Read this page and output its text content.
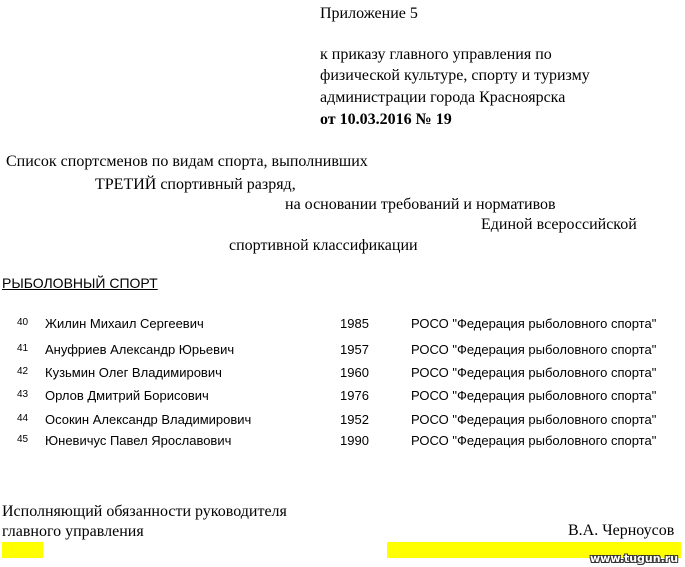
Приложение 5
к приказу главного управления по
физической культуре, спорту и туризму
администрации города Красноярска
от 10.03.2016 № 19
Список спортсменов по видам спорта, выполнивших
ТРЕТИЙ спортивный разряд,
на основании требований и нормативов
Единой всероссийской
спортивной классификации
РЫБОЛОВНЫЙ СПОРТ
40 Жилин Михаил Сергеевич	1985	РОСО "Федерация рыболовного спорта"
41 Ануфриев Александр Юрьевич	1957	РОСО "Федерация рыболовного спорта"
42 Кузьмин Олег Владимирович	1960	РОСО "Федерация рыболовного спорта"
43 Орлов Дмитрий Борисович	1976	РОСО "Федерация рыболовного спорта"
44 Осокин Александр Владимирович	1952	РОСО "Федерация рыболовного спорта"
45 Юневичус Павел Ярославович	1990	РОСО "Федерация рыболовного спорта"
Исполняющий обязанности руководителя
главного управления	В.А. Черноусов
www.tugun.ru
